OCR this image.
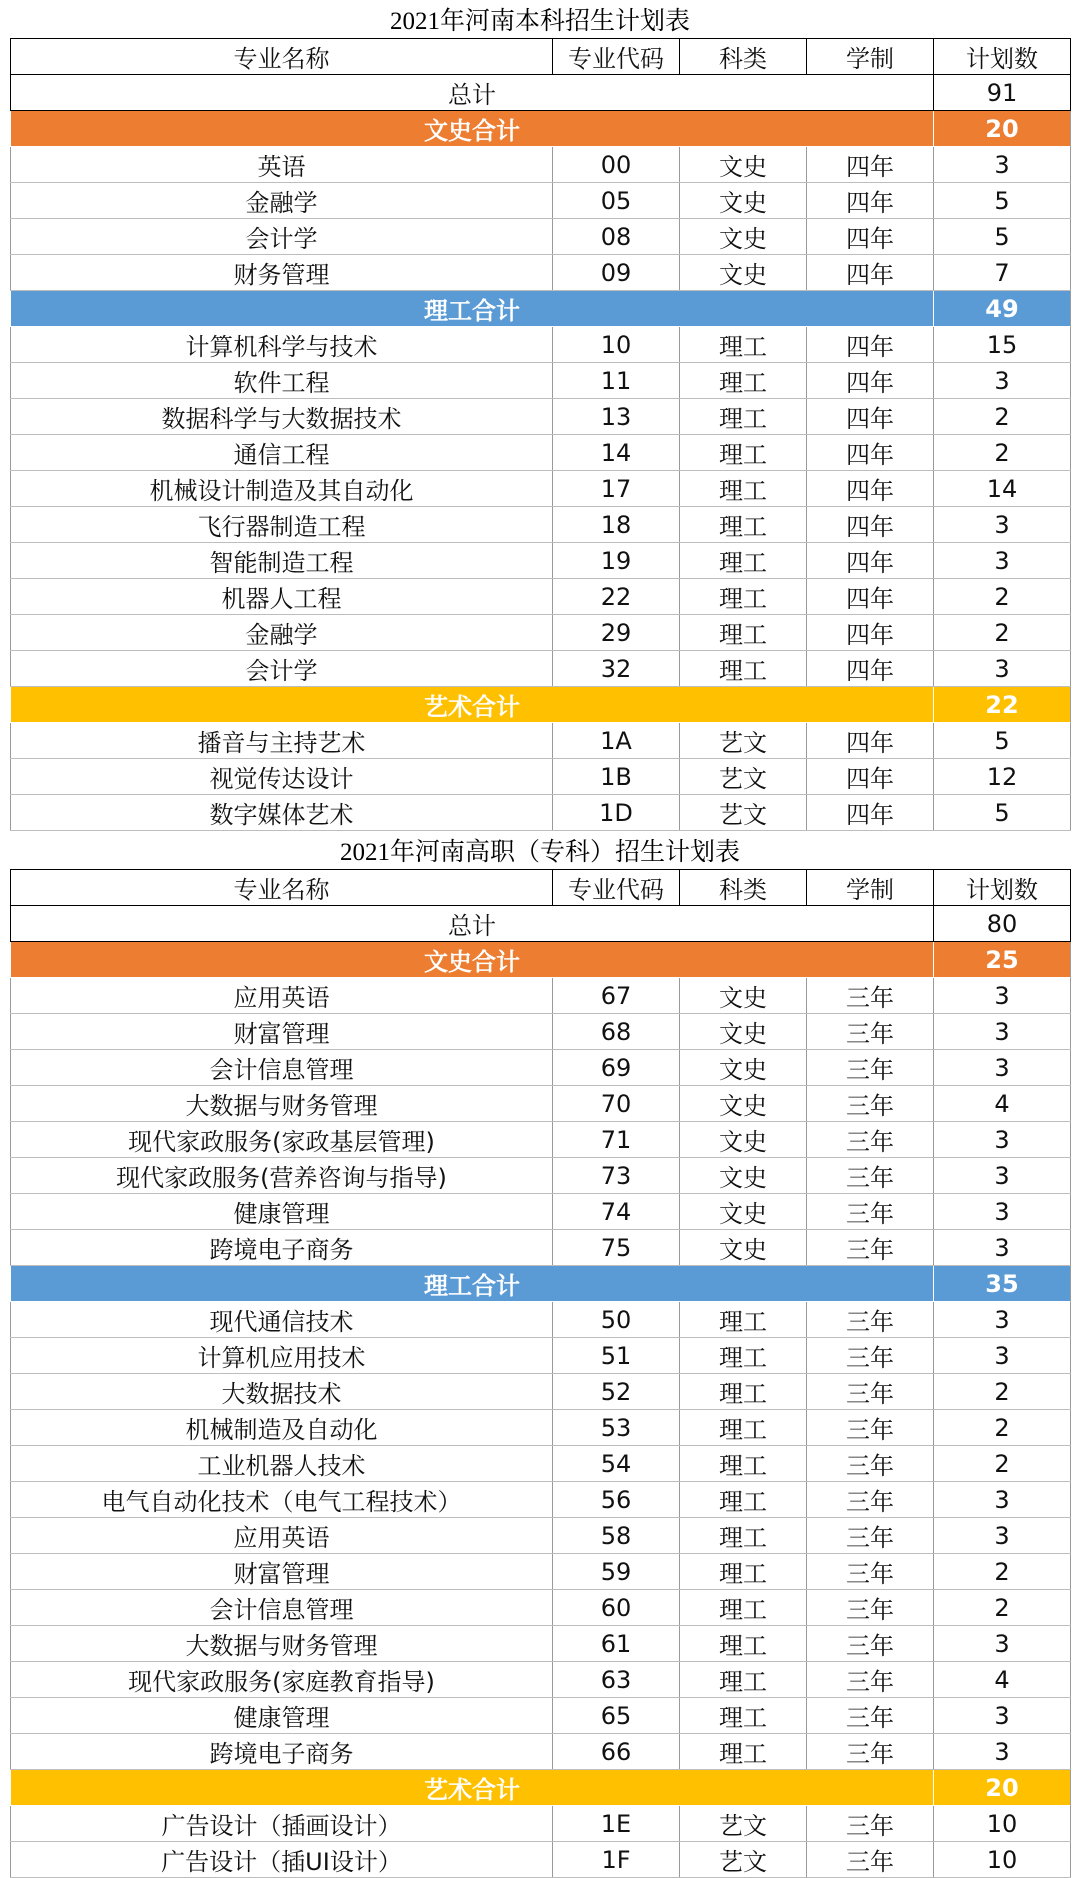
2021年河南本科招生计划表
专业名称	专业代码	科类	学制	计划数
总计				91
文史合计				20
英语	00	文史	四年	3
金融学	05	文史	四年	5
会计学	08	文史	四年	5
财务管理	09	文史	四年	7
理工合计				49
计算机科学与技术	10	理工	四年	15
软件工程	11	理工	四年	3
数据科学与大数据技术	13	理工	四年	2
通信工程	14	理工	四年	2
机械设计制造及其自动化	17	理工	四年	14
飞行器制造工程	18	理工	四年	3
智能制造工程	19	理工	四年	3
机器人工程	22	理工	四年	2
金融学	29	理工	四年	2
会计学	32	理工	四年	3
艺术合计				22
播音与主持艺术	1A	艺文	四年	5
视觉传达设计	1B	艺文	四年	12
数字媒体艺术	1D	艺文	四年	5
2021年河南高职（专科）招生计划表
专业名称	专业代码	科类	学制	计划数
总计				80
文史合计				25
应用英语	67	文史	三年	3
财富管理	68	文史	三年	3
会计信息管理	69	文史	三年	3
大数据与财务管理	70	文史	三年	4
现代家政服务(家政基层管理)	71	文史	三年	3
现代家政服务(营养咨询与指导)	73	文史	三年	3
健康管理	74	文史	三年	3
跨境电子商务	75	文史	三年	3
理工合计				35
现代通信技术	50	理工	三年	3
计算机应用技术	51	理工	三年	3
大数据技术	52	理工	三年	2
机械制造及自动化	53	理工	三年	2
工业机器人技术	54	理工	三年	2
电气自动化技术（电气工程技术）	56	理工	三年	3
应用英语	58	理工	三年	3
财富管理	59	理工	三年	2
会计信息管理	60	理工	三年	2
大数据与财务管理	61	理工	三年	3
现代家政服务(家庭教育指导)	63	理工	三年	4
健康管理	65	理工	三年	3
跨境电子商务	66	理工	三年	3
艺术合计				20
广告设计（插画设计）	1E	艺文	三年	10
广告设计（插UI设计）	1F	艺文	三年	10
